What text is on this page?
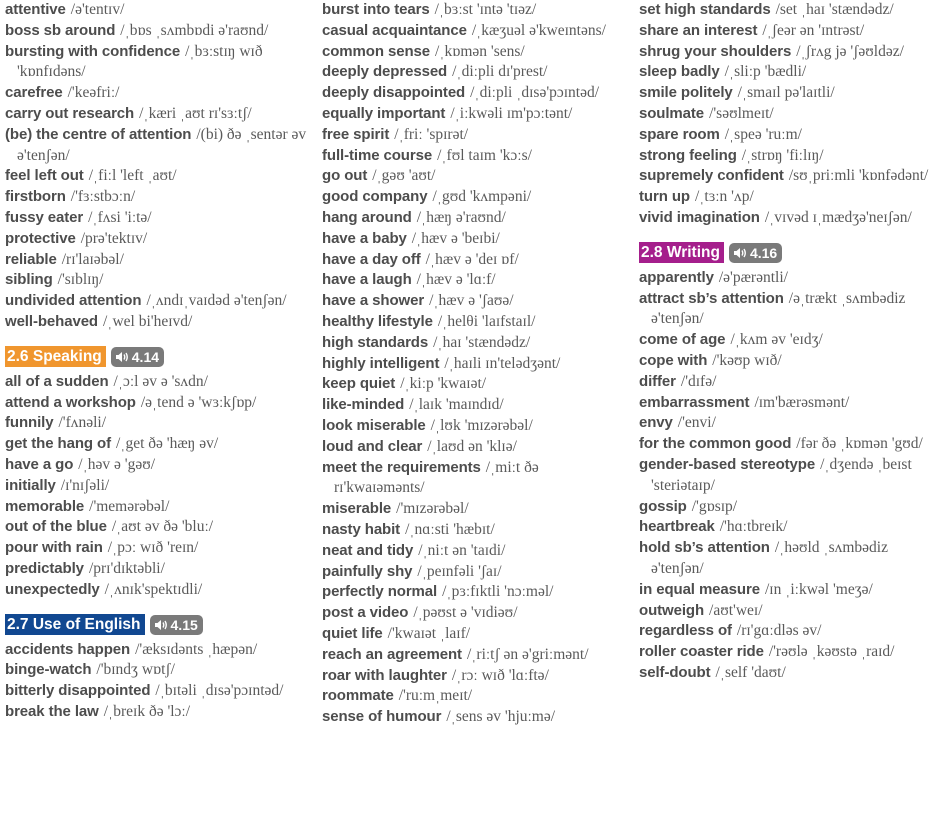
attentive /ə'tentɪv/
boss sb around /ˌbɒs ˌsʌmbɒdi ə'raʊnd/
bursting with confidence /ˌbɜːstɪŋ wɪð 'kɒnfɪdəns/
carefree /'keəfriː/
carry out research /ˌkæri ˌaʊt rɪ'sɜːtʃ/
(be) the centre of attention /(bi) ðə ˌsentər əv ə'tenʃən/
feel left out /ˌfiːl 'left ˌaʊt/
firstborn /'fɜːstbɔːn/
fussy eater /ˌfʌsi 'iːtə/
protective /prə'tektɪv/
reliable /rɪ'laɪəbəl/
sibling /'sɪblɪŋ/
undivided attention /ˌʌndɪˌvaɪdəd ə'tenʃən/
well-behaved /ˌwel bi'heɪvd/
2.6 Speaking 4.14
all of a sudden /ˌɔːl əv ə 'sʌdn/
attend a workshop /əˌtend ə 'wɜːkʃɒp/
funnily /'fʌnəli/
get the hang of /ˌget ðə 'hæŋ əv/
have a go /ˌhəv ə 'gəʊ/
initially /ɪ'nɪʃəli/
memorable /'memərəbəl/
out of the blue /ˌaʊt əv ðə 'bluː/
pour with rain /ˌpɔː wɪð 'reɪn/
predictably /prɪ'dɪktəbli/
unexpectedly /ˌʌnɪk'spektɪdli/
2.7 Use of English 4.15
accidents happen /'æksɪdənts ˌhæpən/
binge-watch /'bɪndʒ wɒtʃ/
bitterly disappointed /ˌbɪtəli ˌdɪsə'pɔɪntəd/
break the law /ˌbreɪk ðə 'lɔː/
burst into tears /ˌbɜːst 'ɪntə 'tɪəz/
casual acquaintance /ˌkæʒuəl ə'kweɪntəns/
common sense /ˌkɒmən 'sens/
deeply depressed /ˌdiːpli dɪ'prest/
deeply disappointed /ˌdiːpli ˌdɪsə'pɔɪntəd/
equally important /ˌiːkwəli ɪm'pɔːtənt/
free spirit /ˌfriː 'spɪrət/
full-time course /ˌfʊl taɪm 'kɔːs/
go out /ˌgəʊ 'aʊt/
good company /ˌgʊd 'kʌmpəni/
hang around /ˌhæŋ ə'raʊnd/
have a baby /ˌhæv ə 'beɪbi/
have a day off /ˌhæv ə 'deɪ ɒf/
have a laugh /ˌhæv ə 'lɑːf/
have a shower /ˌhæv ə 'ʃaʊə/
healthy lifestyle /ˌhelθi 'laɪfstaɪl/
high standards /ˌhaɪ 'stændədz/
highly intelligent /ˌhaɪli ɪn'telədʒənt/
keep quiet /ˌkiːp 'kwaɪət/
like-minded /ˌlaɪk 'maɪndɪd/
look miserable /ˌlʊk 'mɪzərəbəl/
loud and clear /ˌlaʊd ən 'klɪə/
meet the requirements /ˌmiːt ðə rɪ'kwaɪəmənts/
miserable /'mɪzərəbəl/
nasty habit /ˌnɑːsti 'hæbɪt/
neat and tidy /ˌniːt ən 'taɪdi/
painfully shy /ˌpeɪnfəli 'ʃaɪ/
perfectly normal /ˌpɜːfɪktli 'nɔːməl/
post a video /ˌpəʊst ə 'vɪdiəʊ/
quiet life /'kwaɪət ˌlaɪf/
reach an agreement /ˌriːtʃ ən ə'griːmənt/
roar with laughter /ˌrɔː wɪð 'lɑːftə/
roommate /'ruːmˌmeɪt/
sense of humour /ˌsens əv 'hjuːmə/
set high standards /set ˌhaɪ 'stændədz/
share an interest /ˌʃeər ən 'ɪntrəst/
shrug your shoulders /ˌʃrʌg jə 'ʃəʊldəz/
sleep badly /ˌsliːp 'bædli/
smile politely /ˌsmaɪl pə'laɪtli/
soulmate /'səʊlmeɪt/
spare room /ˌspeə 'ruːm/
strong feeling /ˌstrɒŋ 'fiːlɪŋ/
supremely confident /sʊˌpriːmli 'kɒnfədənt/
turn up /ˌtɜːn 'ʌp/
vivid imagination /ˌvɪvəd ɪˌmædʒə'neɪʃən/
2.8 Writing 4.16
apparently /ə'pærəntli/
attract sb’s attention /əˌtrækt ˌsʌmbədiz ə'tenʃən/
come of age /ˌkʌm əv 'eɪdʒ/
cope with /'kəʊp wɪð/
differ /'dɪfə/
embarrassment /ɪm'bærəsmənt/
envy /'envi/
for the common good /fər ðə ˌkɒmən 'gʊd/
gender-based stereotype /ˌdʒendə ˌbeɪst 'steriətaɪp/
gossip /'gɒsɪp/
heartbreak /'hɑːtbreɪk/
hold sb’s attention /ˌhəʊld ˌsʌmbədiz ə'tenʃən/
in equal measure /ɪn ˌiːkwəl 'meʒə/
outweigh /aʊt'weɪ/
regardless of /rɪ'gɑːdləs əv/
roller coaster ride /'rəʊlə ˌkəʊstə ˌraɪd/
self-doubt /ˌself 'daʊt/
